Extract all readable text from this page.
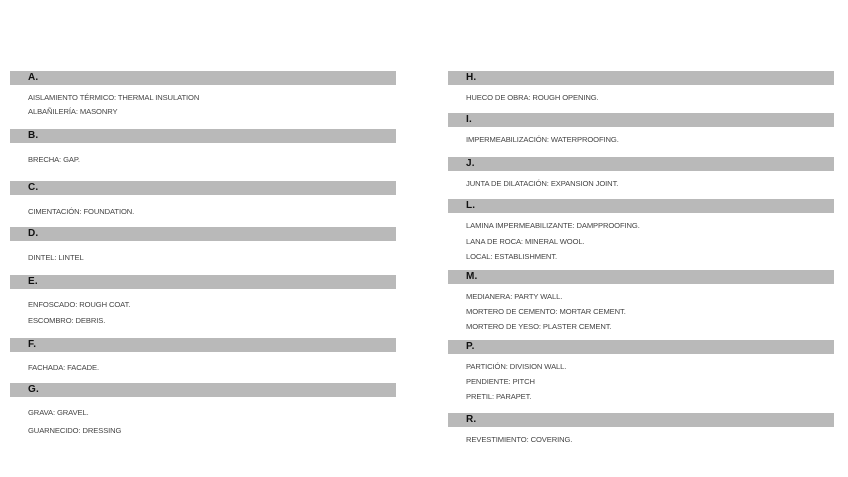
A.
AISLAMIENTO TÉRMICO: THERMAL INSULATION
ALBAÑILERÍA: MASONRY
B.
BRECHA: GAP.
C.
CIMENTACIÓN: FOUNDATION.
D.
DINTEL: LINTEL
E.
ENFOSCADO: ROUGH COAT.
ESCOMBRO: DEBRIS.
F.
FACHADA: FACADE.
G.
GRAVA: GRAVEL.
GUARNECIDO: DRESSING
H.
HUECO DE OBRA: ROUGH OPENING.
I.
IMPERMEABILIZACIÓN: WATERPROOFING.
J.
JUNTA DE DILATACIÓN: EXPANSION JOINT.
L.
LAMINA IMPERMEABILIZANTE: DAMPPROOFING.
LANA DE ROCA: MINERAL WOOL.
LOCAL: ESTABLISHMENT.
M.
MEDIANERA: PARTY WALL.
MORTERO DE CEMENTO: MORTAR CEMENT.
MORTERO DE YESO: PLASTER CEMENT.
P.
PARTICIÓN: DIVISION WALL.
PENDIENTE: PITCH
PRETIL: PARAPET.
R.
REVESTIMIENTO: COVERING.
